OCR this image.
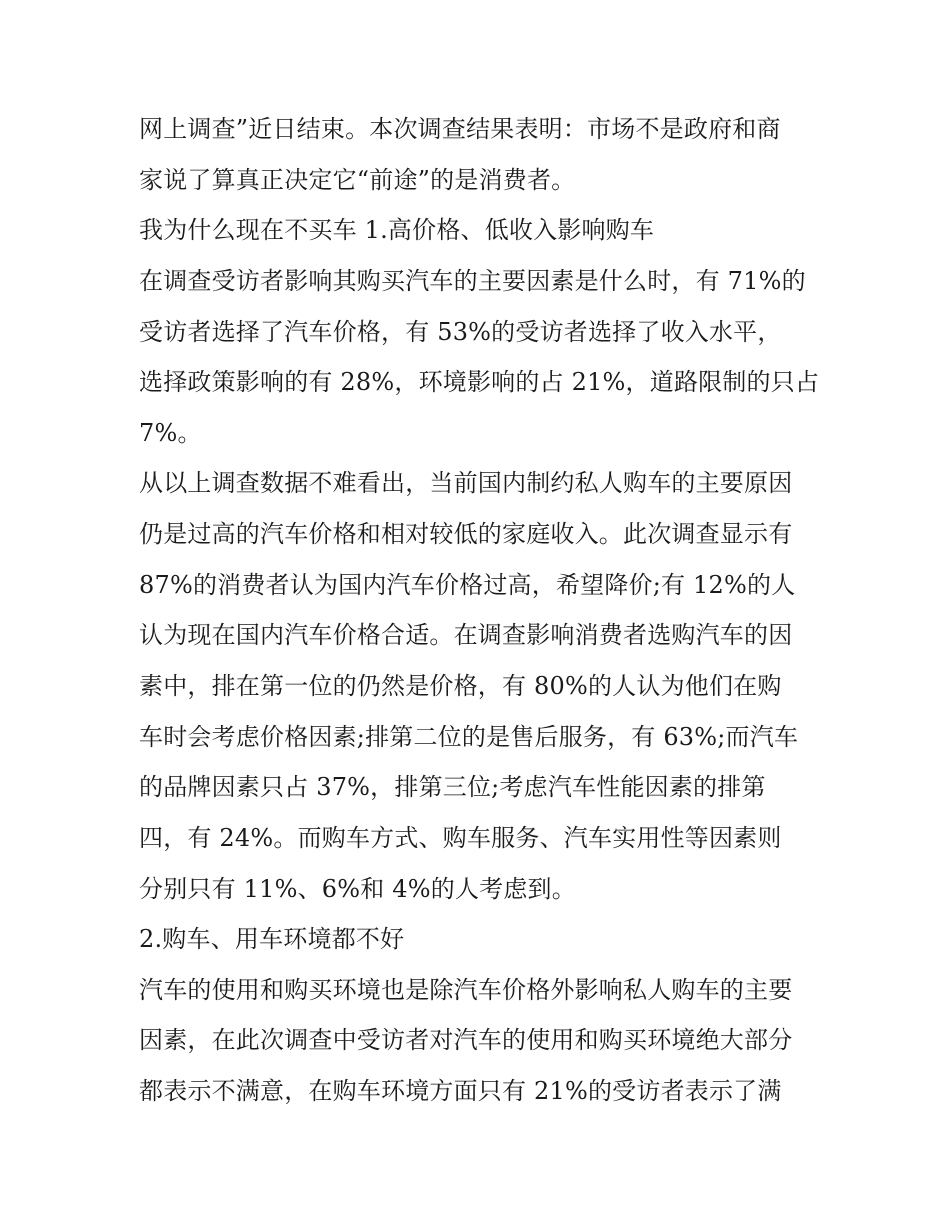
网上调查”近日结束。本次调查结果表明：市场不是政府和商
家说了算真正决定它“前途”的是消费者。
我为什么现在不买车 1.高价格、低收入影响购车
在调查受访者影响其购买汽车的主要因素是什么时，有 71%的
受访者选择了汽车价格，有 53%的受访者选择了收入水平，
选择政策影响的有 28%，环境影响的占 21%，道路限制的只占
7%。
从以上调查数据不难看出，当前国内制约私人购车的主要原因
仍是过高的汽车价格和相对较低的家庭收入。此次调查显示有
87%的消费者认为国内汽车价格过高，希望降价;有 12%的人
认为现在国内汽车价格合适。在调查影响消费者选购汽车的因
素中，排在第一位的仍然是价格，有 80%的人认为他们在购
车时会考虑价格因素;排第二位的是售后服务，有 63%;而汽车
的品牌因素只占 37%，排第三位;考虑汽车性能因素的排第
四，有 24%。而购车方式、购车服务、汽车实用性等因素则
分别只有 11%、6%和 4%的人考虑到。
2.购车、用车环境都不好
汽车的使用和购买环境也是除汽车价格外影响私人购车的主要
因素，在此次调查中受访者对汽车的使用和购买环境绝大部分
都表示不满意，在购车环境方面只有 21%的受访者表示了满
